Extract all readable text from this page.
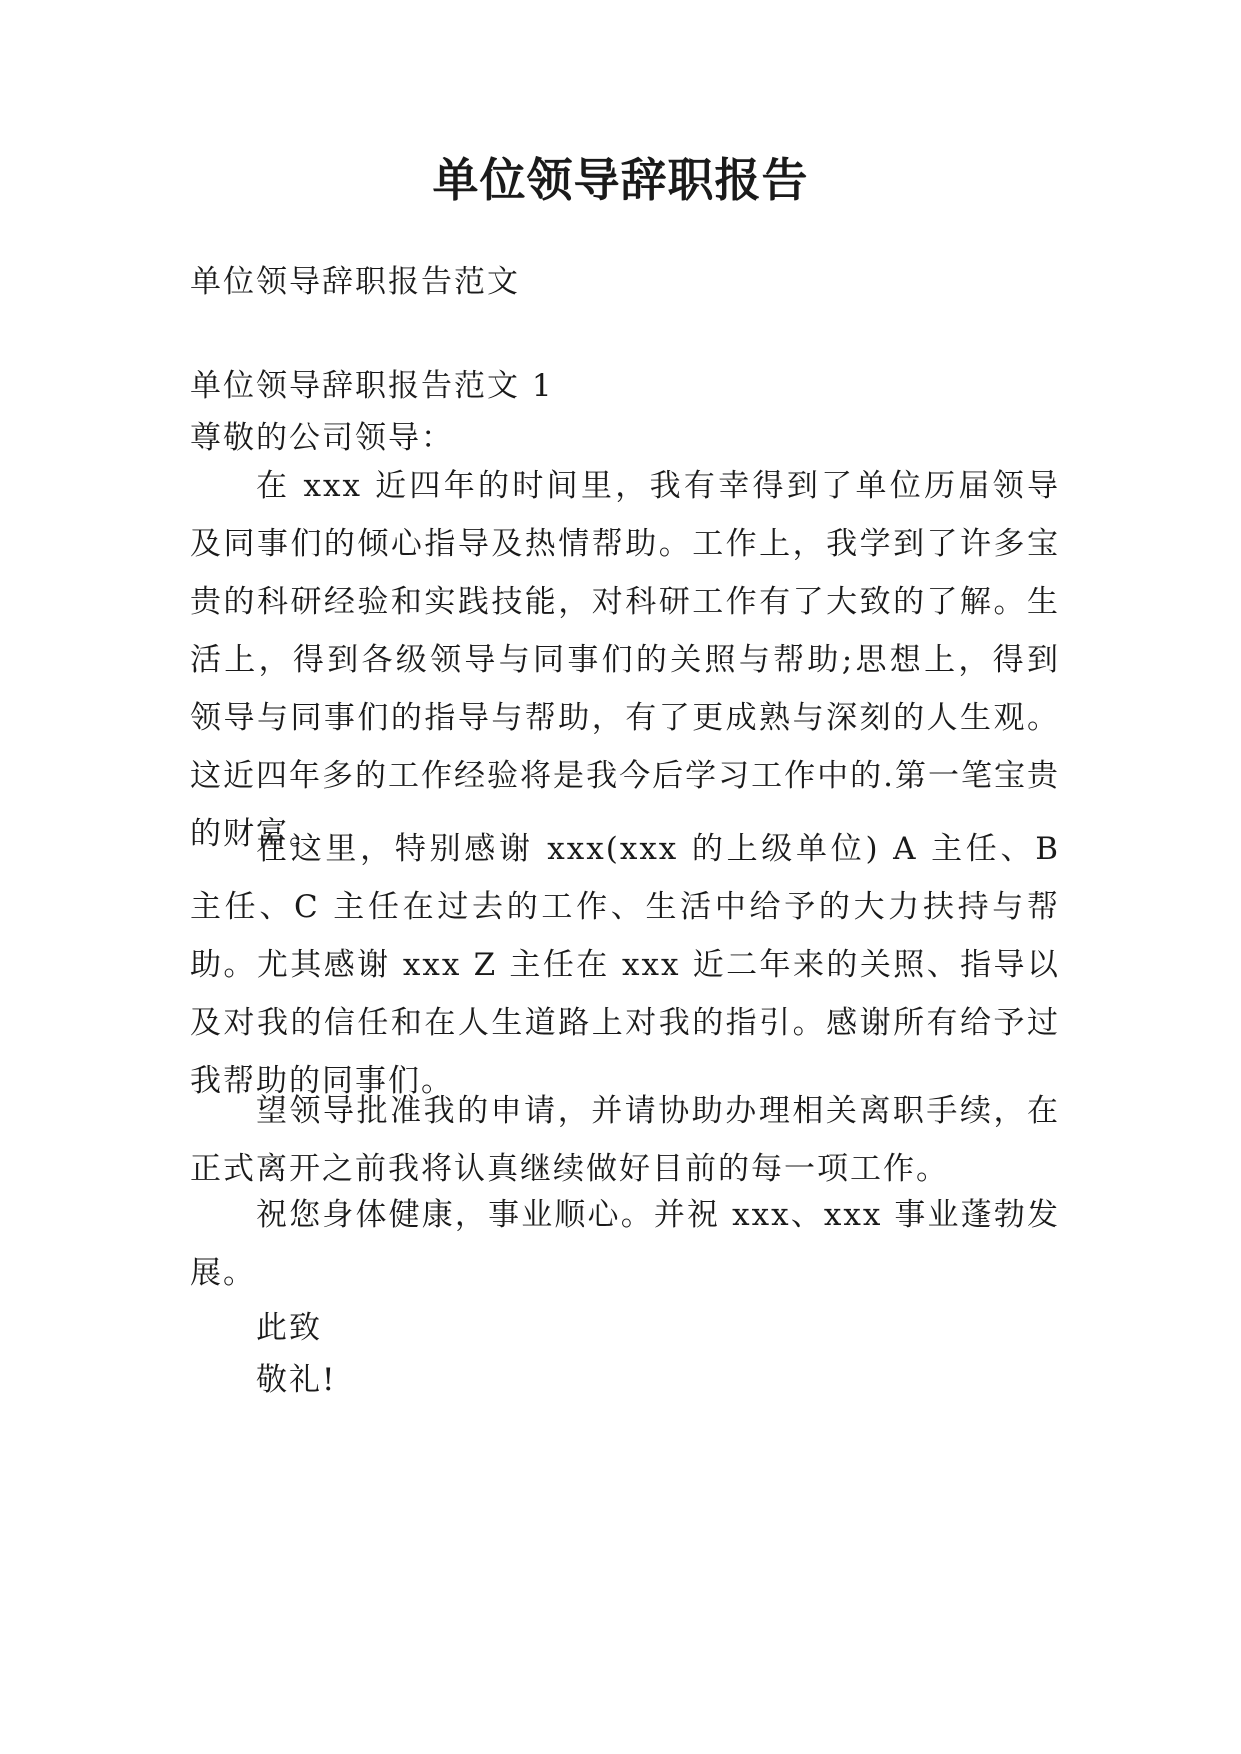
单位领导辞职报告

单位领导辞职报告范文

单位领导辞职报告范文 1

尊敬的公司领导：

在 xxx 近四年的时间里，我有幸得到了单位历届领导及同事们的倾心指导及热情帮助。工作上，我学到了许多宝贵的科研经验和实践技能，对科研工作有了大致的了解。生活上，得到各级领导与同事们的关照与帮助;思想上，得到领导与同事们的指导与帮助，有了更成熟与深刻的人生观。这近四年多的工作经验将是我今后学习工作中的.第一笔宝贵的财富。

在这里，特别感谢 xxx(xxx 的上级单位) A 主任、B 主任、C 主任在过去的工作、生活中给予的大力扶持与帮助。尤其感谢 xxx Z 主任在 xxx 近二年来的关照、指导以及对我的信任和在人生道路上对我的指引。感谢所有给予过我帮助的同事们。

望领导批准我的申请，并请协助办理相关离职手续，在正式离开之前我将认真继续做好目前的每一项工作。

祝您身体健康，事业顺心。并祝 xxx、xxx 事业蓬勃发展。

此致

敬礼!
